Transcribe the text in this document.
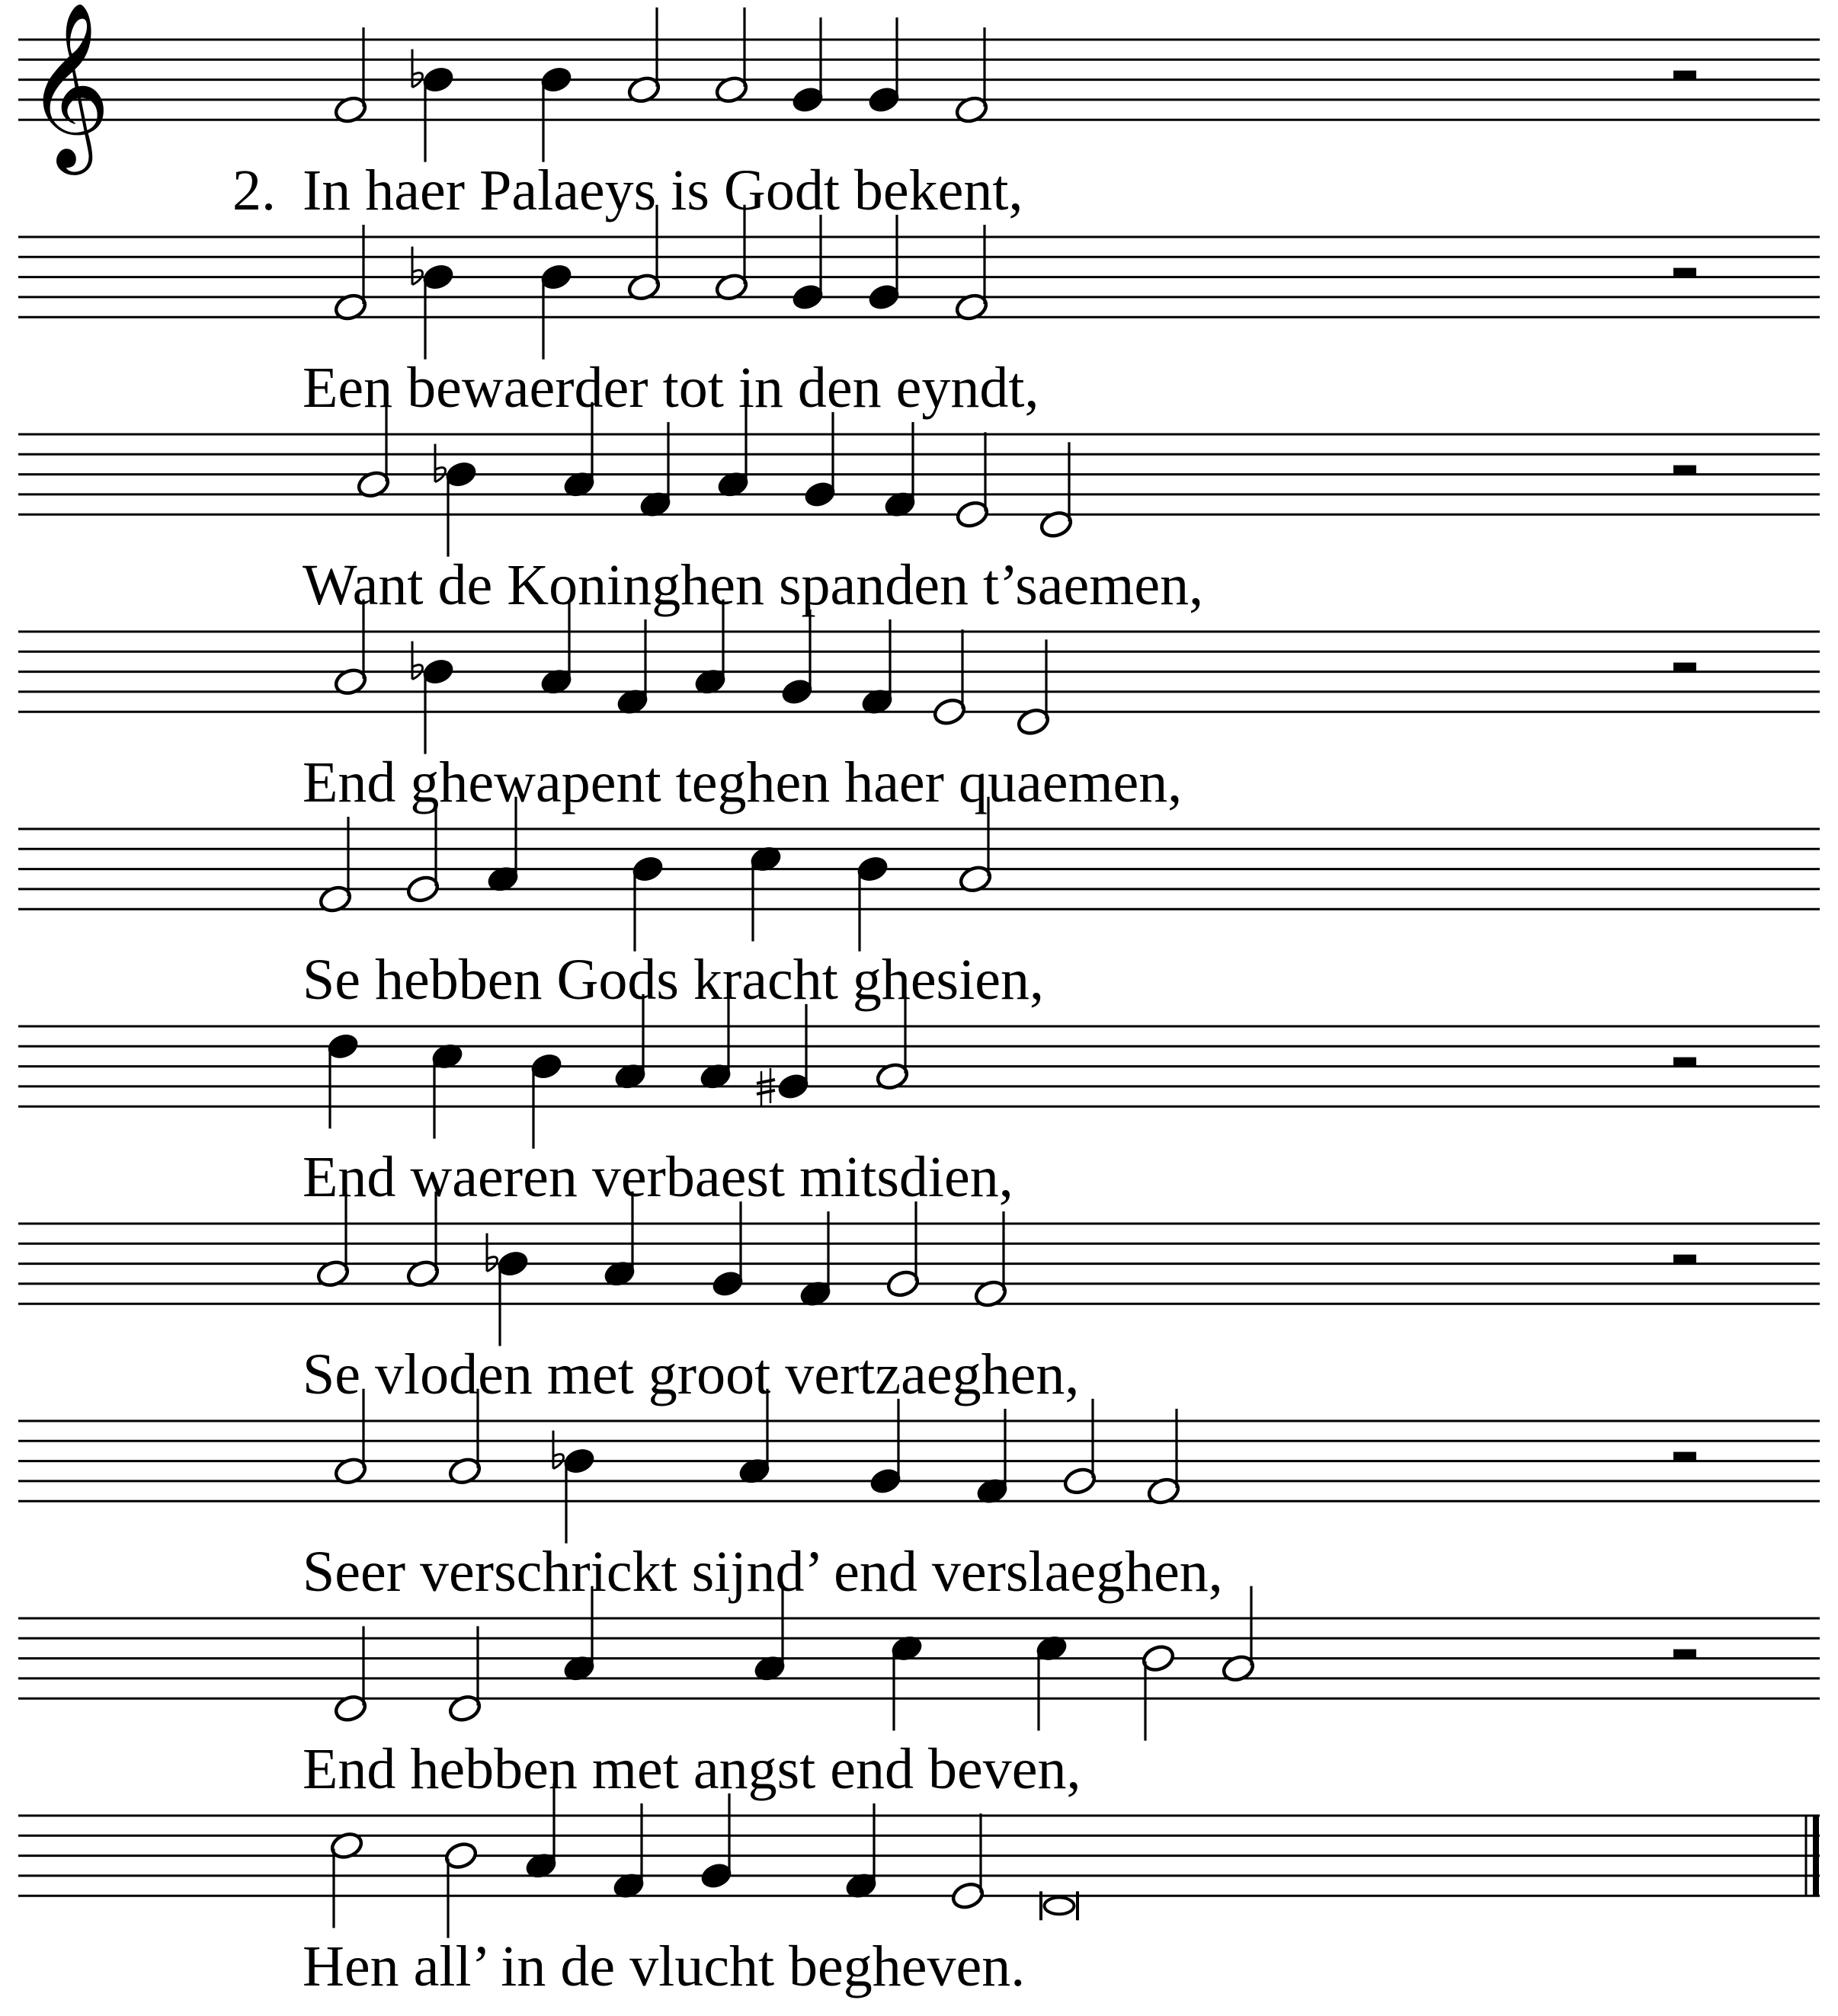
𝄞
2. In haer Palaeys is Godt bekent,
Een bewaerder tot in den eyndt,
Want de Koninghen spanden t’saemen,
End ghewapent teghen haer quaemen,
Se hebben Gods kracht ghesien,
End waeren verbaest mitsdien,
Se vloden met groot vertzaeghen,
Seer verschrickt sijnd’ end verslaeghen,
End hebben met angst end beven,
Hen all’ in de vlucht begheven.
